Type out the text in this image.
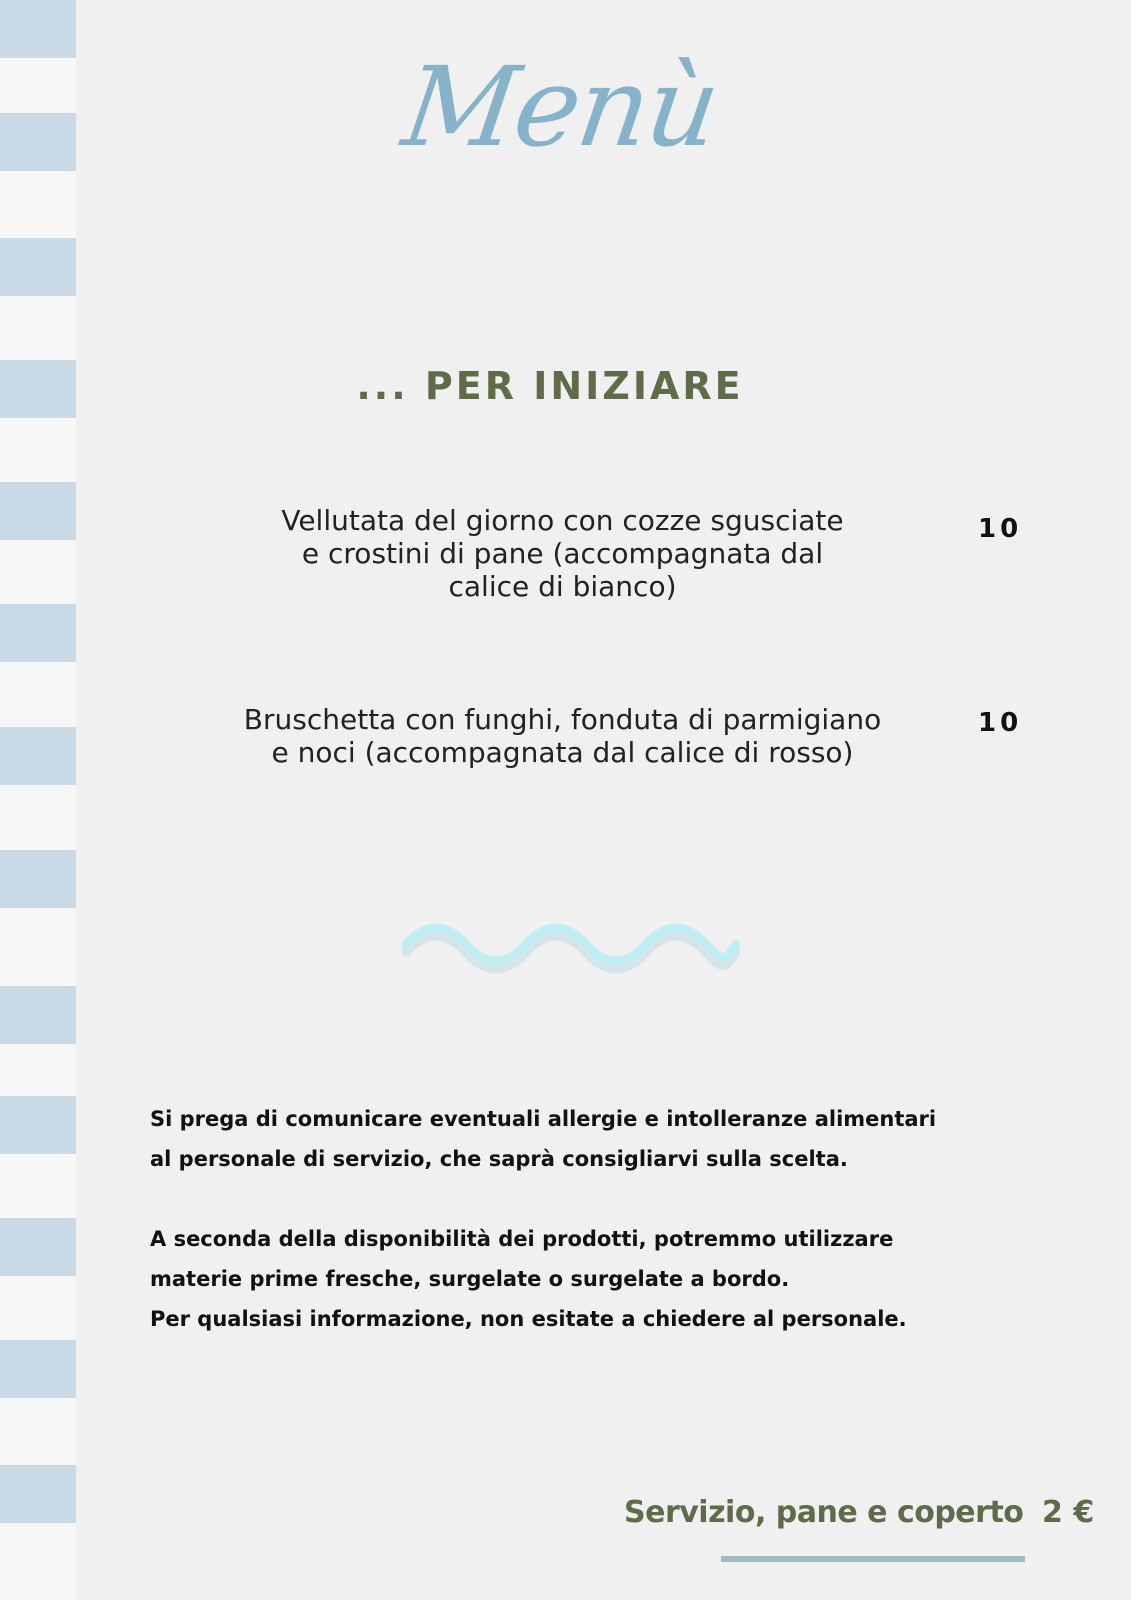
Menù
... PER INIZIARE
Vellutata del giorno con cozze sgusciate
e crostini di pane (accompagnata dal
calice di bianco)
10
Bruschetta con funghi, fonduta di parmigiano
e noci (accompagnata dal calice di rosso)
10

Si prega di comunicare eventuali allergie e intolleranze alimentari

al personale di servizio, che saprà consigliarvi sulla scelta.

A seconda della disponibilità dei prodotti, potremmo utilizzare

materie prime fresche, surgelate o surgelate a bordo.

Per qualsiasi informazione, non esitate a chiedere al personale.

Servizio, pane e coperto 2 €
